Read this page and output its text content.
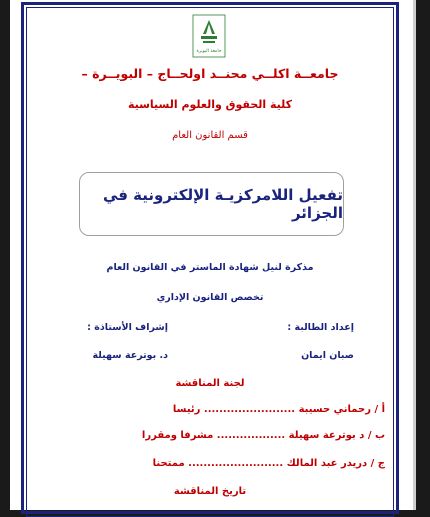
جامعة البويرة
جامعــة اكلــي محنــد اولحــاج – البويــرة –
كلية الحقوق والعلوم السياسية
قسم القانون العام
تفعيل اللامركزيـة الإلكترونية في الجزائر
مذكرة لنيل شهادة الماستر في القانون العام
تخصص القانون الإداري
إعداد الطالبة :
إشراف الأستاذة :
صبان ايمان
د. بوترعة سهيلة
لجنة المناقشة
أ / رحماني حسيبة ........................ رئيسا
ب / د بوترعة سهيلة .................. مشرفا ومقررا
ج / دريدر عبد المالك ......................... ممتحنا
تاريخ المناقشة
